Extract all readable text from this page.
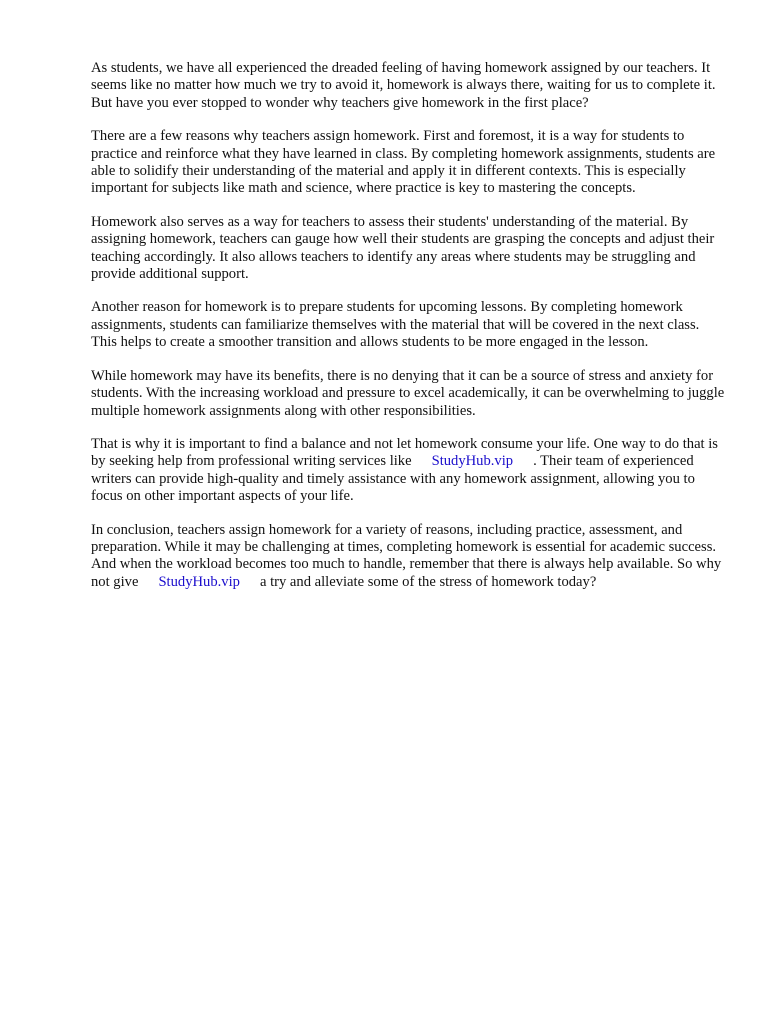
As students, we have all experienced the dreaded feeling of having homework assigned by our teachers. It seems like no matter how much we try to avoid it, homework is always there, waiting for us to complete it. But have you ever stopped to wonder why teachers give homework in the first place?

There are a few reasons why teachers assign homework. First and foremost, it is a way for students to practice and reinforce what they have learned in class. By completing homework assignments, students are able to solidify their understanding of the material and apply it in different contexts. This is especially important for subjects like math and science, where practice is key to mastering the concepts.

Homework also serves as a way for teachers to assess their students' understanding of the material. By assigning homework, teachers can gauge how well their students are grasping the concepts and adjust their teaching accordingly. It also allows teachers to identify any areas where students may be struggling and provide additional support.

Another reason for homework is to prepare students for upcoming lessons. By completing homework assignments, students can familiarize themselves with the material that will be covered in the next class. This helps to create a smoother transition and allows students to be more engaged in the lesson.

While homework may have its benefits, there is no denying that it can be a source of stress and anxiety for students. With the increasing workload and pressure to excel academically, it can be overwhelming to juggle multiple homework assignments along with other responsibilities.

That is why it is important to find a balance and not let homework consume your life. One way to do that is by seeking help from professional writing services like StudyHub.vip . Their team of experienced writers can provide high-quality and timely assistance with any homework assignment, allowing you to focus on other important aspects of your life.

In conclusion, teachers assign homework for a variety of reasons, including practice, assessment, and preparation. While it may be challenging at times, completing homework is essential for academic success. And when the workload becomes too much to handle, remember that there is always help available. So why not give StudyHub.vip a try and alleviate some of the stress of homework today?
